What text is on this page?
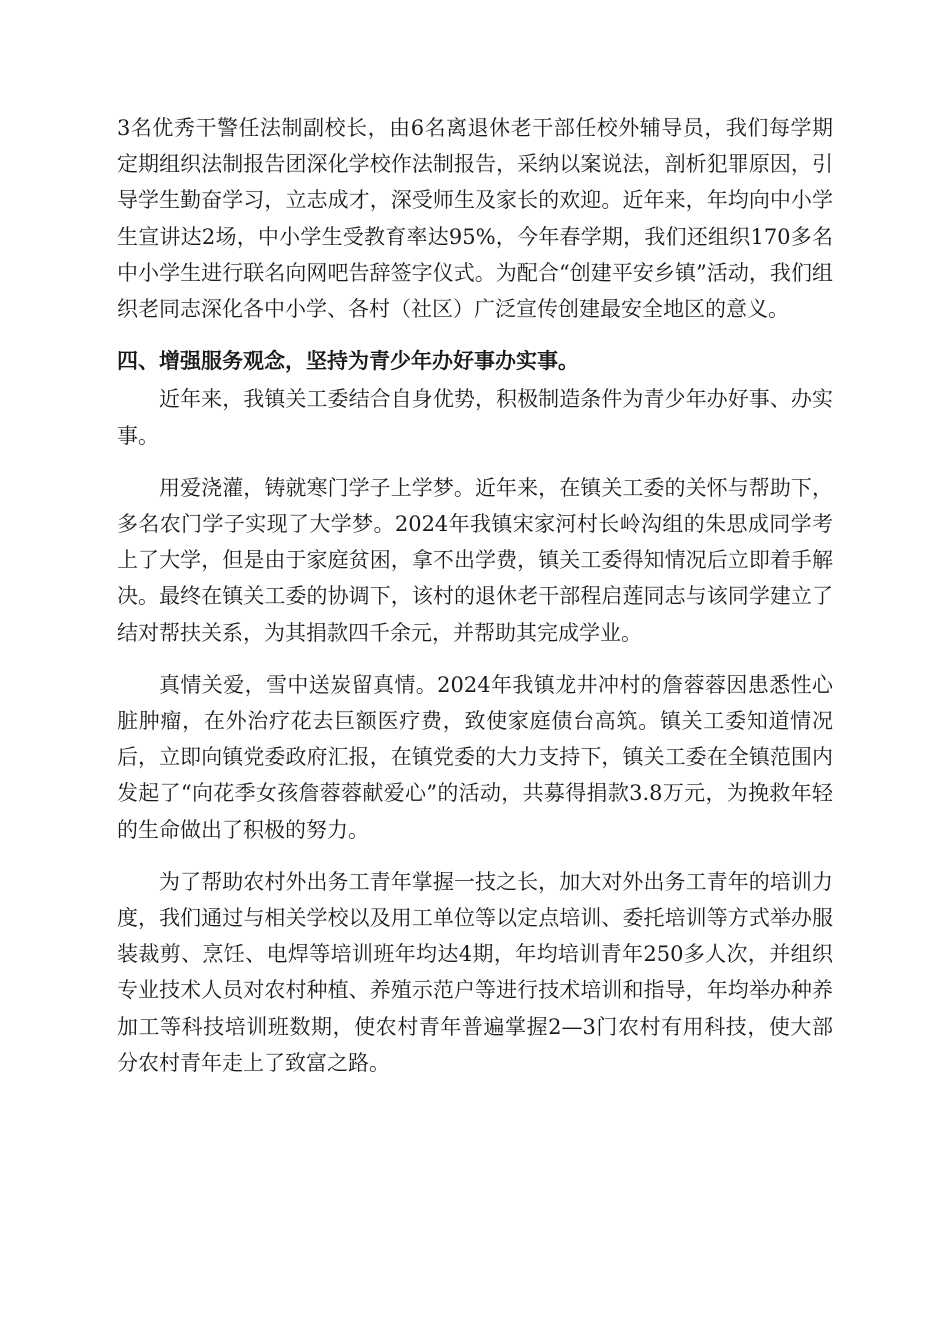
3名优秀干警任法制副校长，由6名离退休老干部任校外辅导员，我们每学期定期组织法制报告团深化学校作法制报告，采纳以案说法，剖析犯罪原因，引导学生勤奋学习，立志成才，深受师生及家长的欢迎。近年来，年均向中小学生宣讲达2场，中小学生受教育率达95%，今年春学期，我们还组织170多名中小学生进行联名向网吧告辞签字仪式。为配合“创建平安乡镇”活动，我们组织老同志深化各中小学、各村（社区）广泛宣传创建最安全地区的意义。

四、增强服务观念，坚持为青少年办好事办实事。

近年来，我镇关工委结合自身优势，积极制造条件为青少年办好事、办实事。

用爱浇灌，铸就寒门学子上学梦。近年来，在镇关工委的关怀与帮助下，多名农门学子实现了大学梦。2024年我镇宋家河村长岭沟组的朱思成同学考上了大学，但是由于家庭贫困，拿不出学费，镇关工委得知情况后立即着手解决。最终在镇关工委的协调下，该村的退休老干部程启莲同志与该同学建立了结对帮扶关系，为其捐款四千余元，并帮助其完成学业。

真情关爱，雪中送炭留真情。2024年我镇龙井冲村的詹蓉蓉因患悉性心脏肿瘤，在外治疗花去巨额医疗费，致使家庭债台高筑。镇关工委知道情况后，立即向镇党委政府汇报，在镇党委的大力支持下，镇关工委在全镇范围内发起了“向花季女孩詹蓉蓉献爱心”的活动，共募得捐款3.8万元，为挽救年轻的生命做出了积极的努力。

为了帮助农村外出务工青年掌握一技之长，加大对外出务工青年的培训力度，我们通过与相关学校以及用工单位等以定点培训、委托培训等方式举办服装裁剪、烹饪、电焊等培训班年均达4期，年均培训青年250多人次，并组织专业技术人员对农村种植、养殖示范户等进行技术培训和指导，年均举办种养加工等科技培训班数期，使农村青年普遍掌握2—3门农村有用科技，使大部分农村青年走上了致富之路。
